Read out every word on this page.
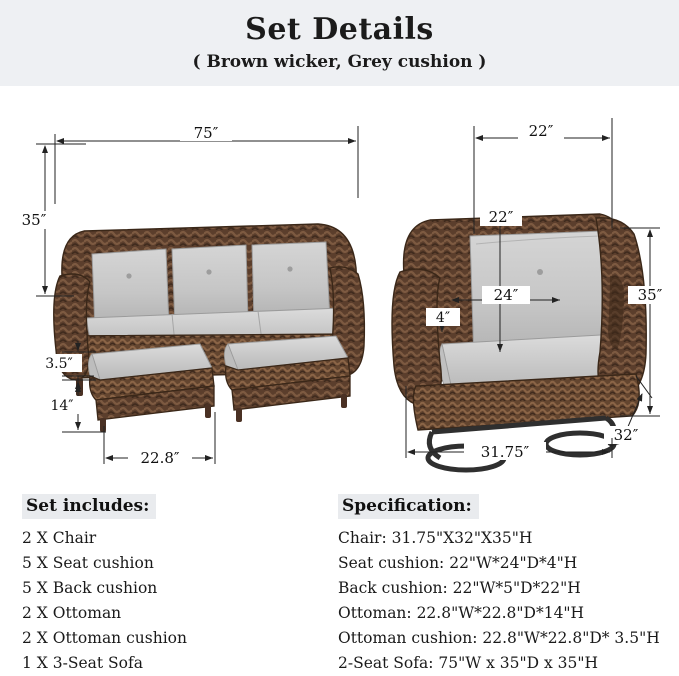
Set Details
( Brown wicker, Grey cushion )
75″
35″
3.5″
14″
22.8″
22″
22″
24″
4″
35″
32″
31.75″
Set includes:
2 X Chair
5 X Seat cushion
5 X Back cushion
2 X Ottoman
2 X Ottoman cushion
1 X 3-Seat Sofa
Specification:
Chair: 31.75"X32"X35"H
Seat cushion: 22"W*24"D*4"H
Back cushion: 22"W*5"D*22"H
Ottoman: 22.8"W*22.8"D*14"H
Ottoman cushion: 22.8"W*22.8"D* 3.5"H
2-Seat Sofa: 75"W x 35"D x 35"H
